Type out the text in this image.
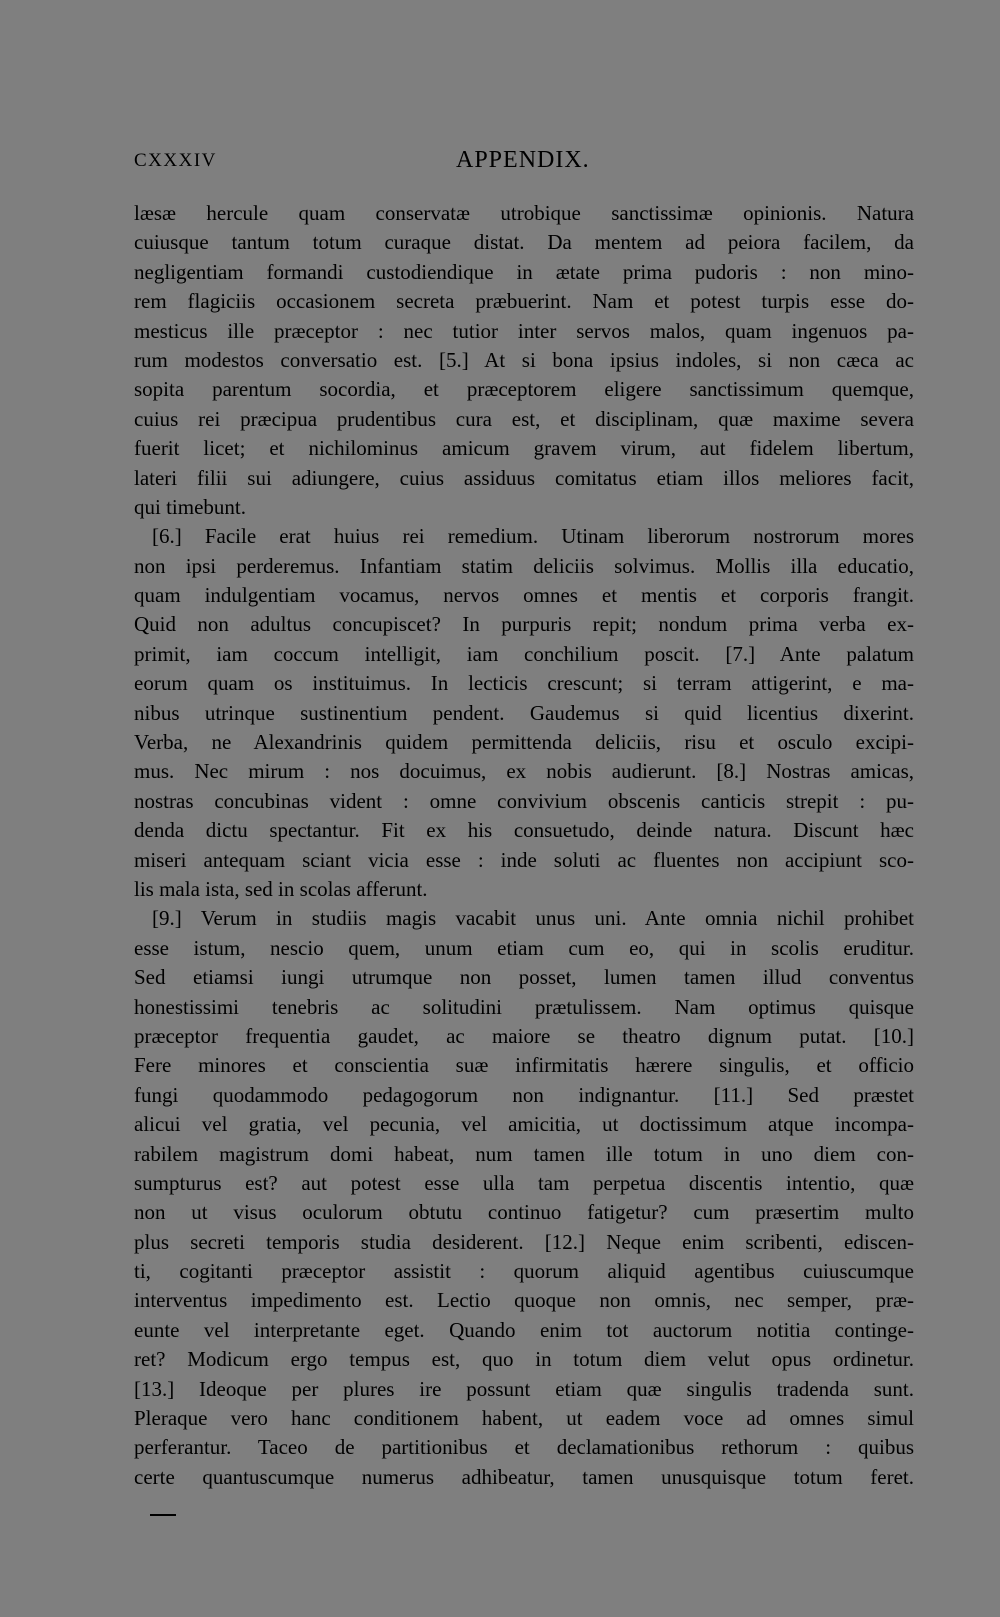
CXXXIV	APPENDIX.
læsæ hercule quam conservatæ utrobique sanctissimæ opinionis. Natura
cuiusque tantum totum curaque distat. Da mentem ad peiora facilem, da
negligentiam formandi custodiendique in ætate prima pudoris : non mino-
rem flagiciis occasionem secreta præbuerint. Nam et potest turpis esse do-
mesticus ille præceptor : nec tutior inter servos malos, quam ingenuos pa-
rum modestos conversatio est. [5.] At si bona ipsius indoles, si non cæca ac
sopita parentum socordia, et præceptorem eligere sanctissimum quemque,
cuius rei præcipua prudentibus cura est, et disciplinam, quæ maxime severa
fuerit licet; et nichilominus amicum gravem virum, aut fidelem libertum,
lateri filii sui adiungere, cuius assiduus comitatus etiam illos meliores facit,
qui timebunt.
[6.] Facile erat huius rei remedium. Utinam liberorum nostrorum mores
non ipsi perderemus. Infantiam statim deliciis solvimus. Mollis illa educatio,
quam indulgentiam vocamus, nervos omnes et mentis et corporis frangit.
Quid non adultus concupiscet? In purpuris repit; nondum prima verba ex-
primit, iam coccum intelligit, iam conchilium poscit. [7.] Ante palatum
eorum quam os instituimus. In lecticis crescunt; si terram attigerint, e ma-
nibus utrinque sustinentium pendent. Gaudemus si quid licentius dixerint.
Verba, ne Alexandrinis quidem permittenda deliciis, risu et osculo excipi-
mus. Nec mirum : nos docuimus, ex nobis audierunt. [8.] Nostras amicas,
nostras concubinas vident : omne convivium obscenis canticis strepit : pu-
denda dictu spectantur. Fit ex his consuetudo, deinde natura. Discunt hæc
miseri antequam sciant vicia esse : inde soluti ac fluentes non accipiunt sco-
lis mala ista, sed in scolas afferunt.
[9.] Verum in studiis magis vacabit unus uni. Ante omnia nichil prohibet
esse istum, nescio quem, unum etiam cum eo, qui in scolis eruditur.
Sed etiamsi iungi utrumque non posset, lumen tamen illud conventus
honestissimi tenebris ac solitudini prætulissem. Nam optimus quisque
præceptor frequentia gaudet, ac maiore se theatro dignum putat. [10.]
Fere minores et conscientia suæ infirmitatis hærere singulis, et officio
fungi quodammodo pedagogorum non indignantur. [11.] Sed præstet
alicui vel gratia, vel pecunia, vel amicitia, ut doctissimum atque incompa-
rabilem magistrum domi habeat, num tamen ille totum in uno diem con-
sumpturus est? aut potest esse ulla tam perpetua discentis intentio, quæ
non ut visus oculorum obtutu continuo fatigetur? cum præsertim multo
plus secreti temporis studia desiderent. [12.] Neque enim scribenti, ediscen-
ti, cogitanti præceptor assistit : quorum aliquid agentibus cuiuscumque
interventus impedimento est. Lectio quoque non omnis, nec semper, præ-
eunte vel interpretante eget. Quando enim tot auctorum notitia continge-
ret? Modicum ergo tempus est, quo in totum diem velut opus ordinetur.
[13.] Ideoque per plures ire possunt etiam quæ singulis tradenda sunt.
Pleraque vero hanc conditionem habent, ut eadem voce ad omnes simul
perferantur. Taceo de partitionibus et declamationibus rethorum : quibus
certe quantuscumque numerus adhibeatur, tamen unusquisque totum feret.
